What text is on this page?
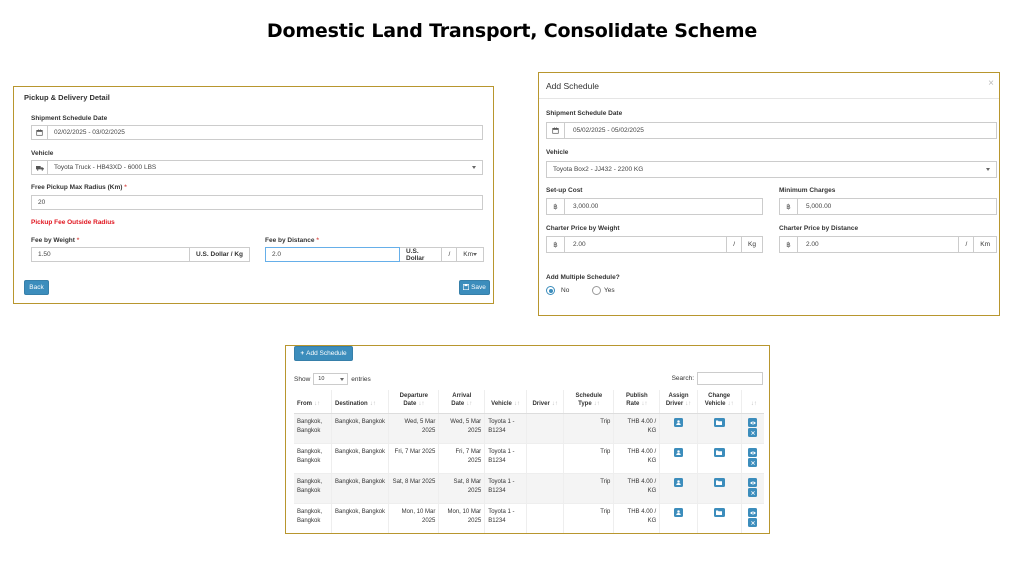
Domestic Land Transport, Consolidate Scheme
Pickup & Delivery Detail
Shipment Schedule Date
02/02/2025 - 03/02/2025
Vehicle
Toyota Truck - HB43XD - 6000 LBS
Free Pickup Max Radius (Km) *
20
Pickup Fee Outside Radius
Fee by Weight *
1.50	U.S. Dollar / Kg
Fee by Distance *
2.0	U.S. Dollar	/	Km
Back	Save
Add Schedule	×
Shipment Schedule Date
05/02/2025 - 05/02/2025
Vehicle
Toyota Box2 - JJ432 - 2200 KG
Set-up Cost
฿	3,000.00
Minimum Charges
฿	5,000.00
Charter Price by Weight
฿	2.00	/	Kg
Charter Price by Distance
฿	2.00	/	Km
Add Multiple Schedule?
No	Yes
+ Add Schedule
Show 10	entries	Search:
From ↓↑	Destination ↓↑	Departure Date ↓↑	Arrival Date ↓↑	Vehicle ↓↑	Driver ↓↑	Schedule Type ↓↑	Publish Rate ↓↑	Assign Driver ↓↑	Change Vehicle ↓↑	↓↑
Bangkok, Bangkok	Bangkok, Bangkok	Wed, 5 Mar 2025	Wed, 5 Mar 2025	Toyota 1 - B1234		Trip	THB 4.00 / KG	

Bangkok, Bangkok	Bangkok, Bangkok	Fri, 7 Mar 2025	Fri, 7 Mar 2025	Toyota 1 - B1234		Trip	THB 4.00 / KG	

Bangkok, Bangkok	Bangkok, Bangkok	Sat, 8 Mar 2025	Sat, 8 Mar 2025	Toyota 1 - B1234		Trip	THB 4.00 / KG	

Bangkok, Bangkok	Bangkok, Bangkok	Mon, 10 Mar 2025	Mon, 10 Mar 2025	Toyota 1 - B1234		Trip	THB 4.00 / KG	
